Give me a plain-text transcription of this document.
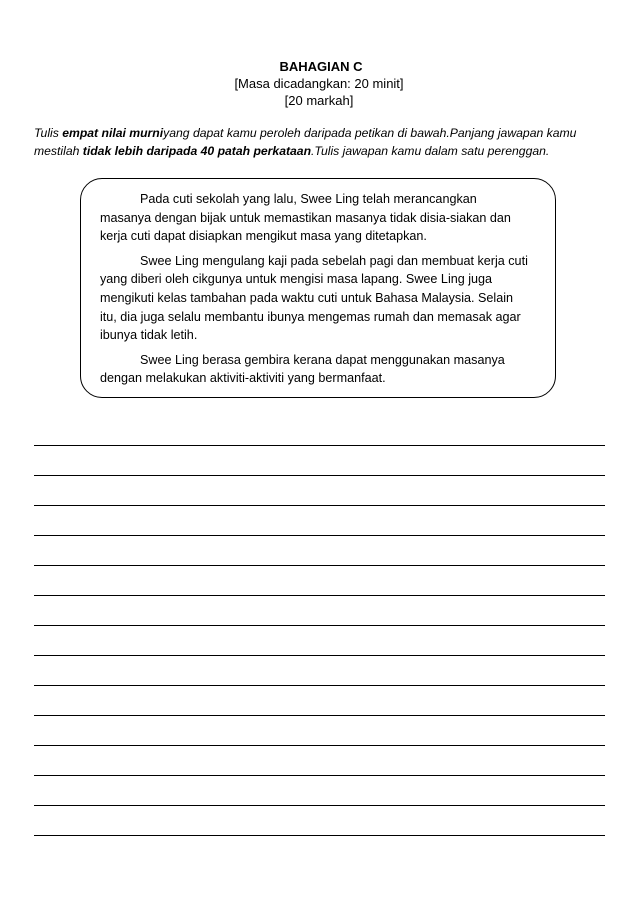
BAHAGIAN C
[Masa dicadangkan: 20 minit]
[20 markah]
Tulis empat nilai murniyang dapat kamu peroleh daripada petikan di bawah.Panjang jawapan kamu
mestilah tidak lebih daripada 40 patah perkataan.Tulis jawapan kamu dalam satu perenggan.

Pada cuti sekolah yang lalu, Swee Ling telah merancangkan
masanya dengan bijak untuk memastikan masanya tidak disia-siakan dan
kerja cuti dapat disiapkan mengikut masa yang ditetapkan.

Swee Ling mengulang kaji pada sebelah pagi dan membuat kerja cuti
yang diberi oleh cikgunya untuk mengisi masa lapang. Swee Ling juga
mengikuti kelas tambahan pada waktu cuti untuk Bahasa Malaysia. Selain
itu, dia juga selalu membantu ibunya mengemas rumah dan memasak agar
ibunya tidak letih.

Swee Ling berasa gembira kerana dapat menggunakan masanya
dengan melakukan aktiviti-aktiviti yang bermanfaat.
